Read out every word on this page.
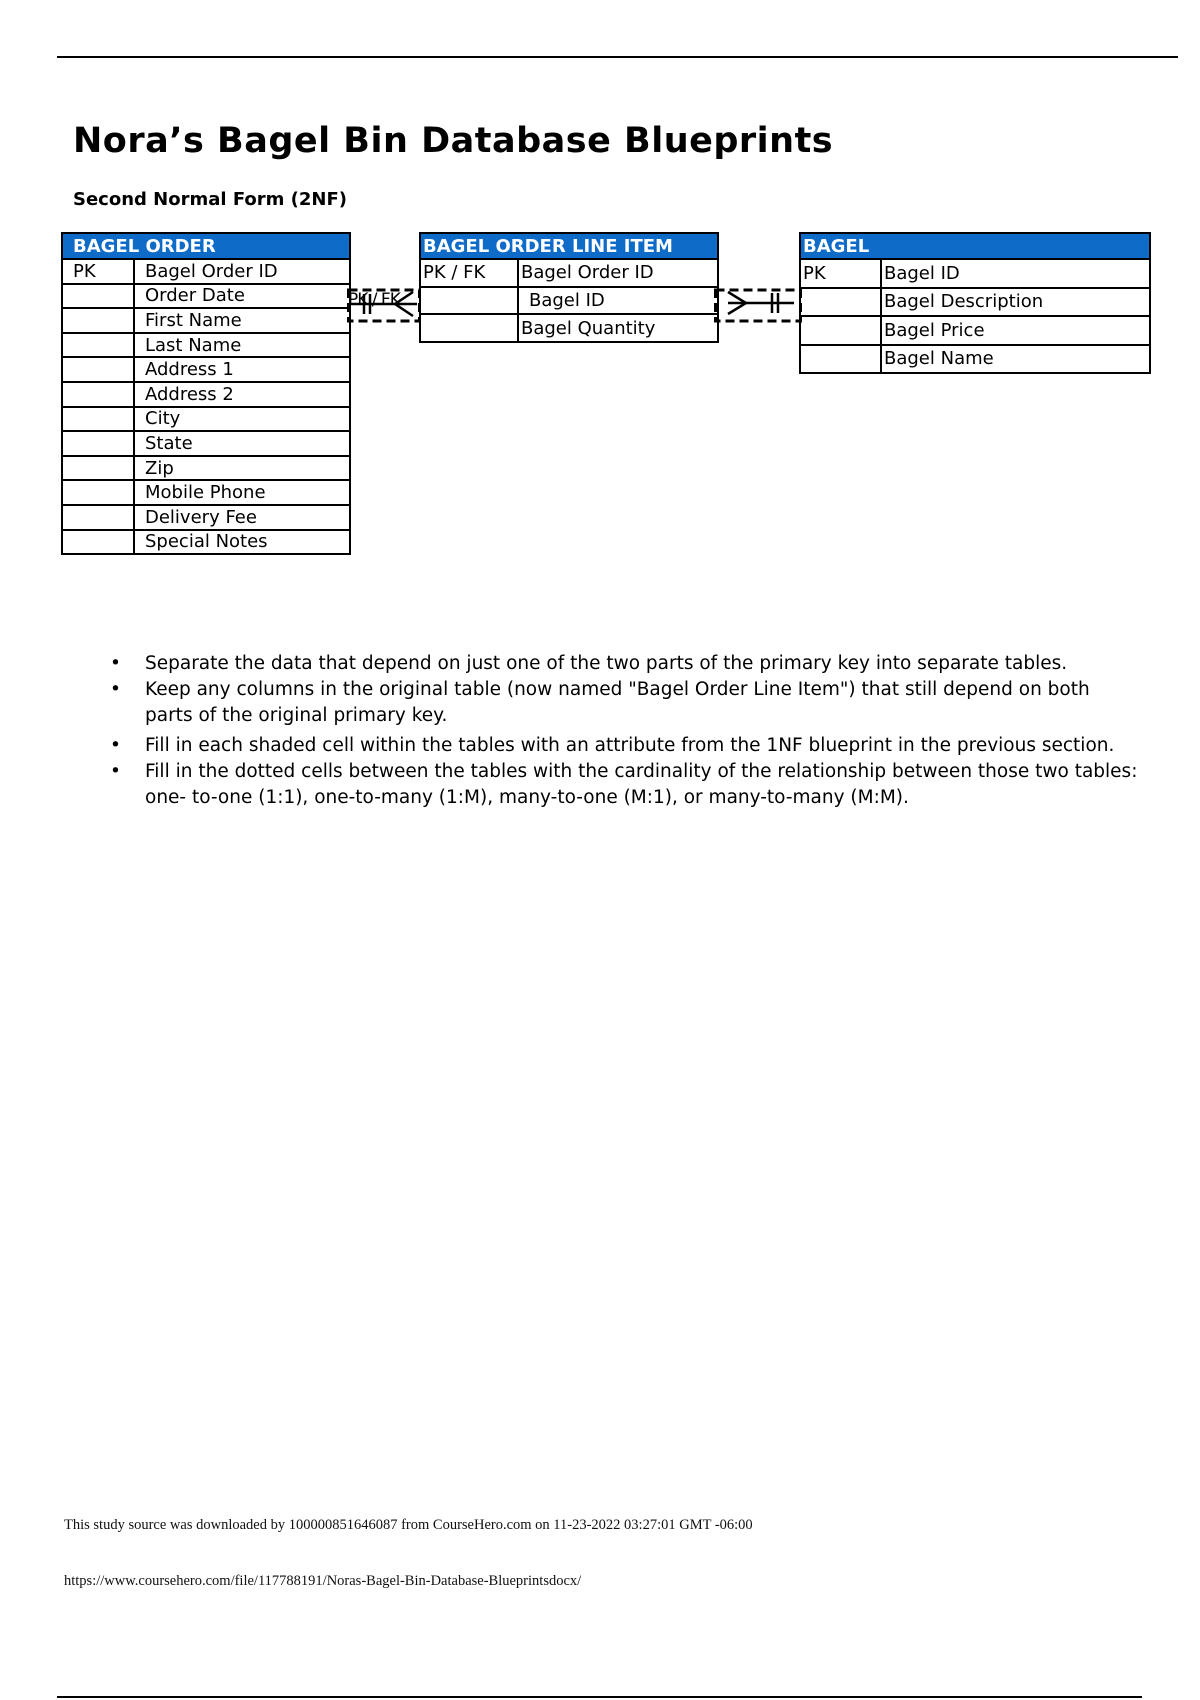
Nora’s Bagel Bin Database Blueprints
Second Normal Form (2NF)
BAGEL ORDER	
PK	Bagel Order ID
	Order Date
	First Name
	Last Name
	Address 1
	Address 2
	City
	State
	Zip
	Mobile Phone
	Delivery Fee
	Special Notes
PK / FK
BAGEL ORDER LINE ITEM	
PK / FK	Bagel Order ID
	Bagel ID
	Bagel Quantity
BAGEL	
PK	Bagel ID
	Bagel Description
	Bagel Price
	Bagel Name
• Separate the data that depend on just one of the two parts of the primary key into separate tables.
• Keep any columns in the original table (now named "Bagel Order Line Item") that still depend on both parts of the original primary key.
• Fill in each shaded cell within the tables with an attribute from the 1NF blueprint in the previous section.
• Fill in the dotted cells between the tables with the cardinality of the relationship between those two tables: one- to-one (1:1), one-to-many (1:M), many-to-one (M:1), or many-to-many (M:M).
This study source was downloaded by 100000851646087 from CourseHero.com on 11-23-2022 03:27:01 GMT -06:00
https://www.coursehero.com/file/117788191/Noras-Bagel-Bin-Database-Blueprintsdocx/
